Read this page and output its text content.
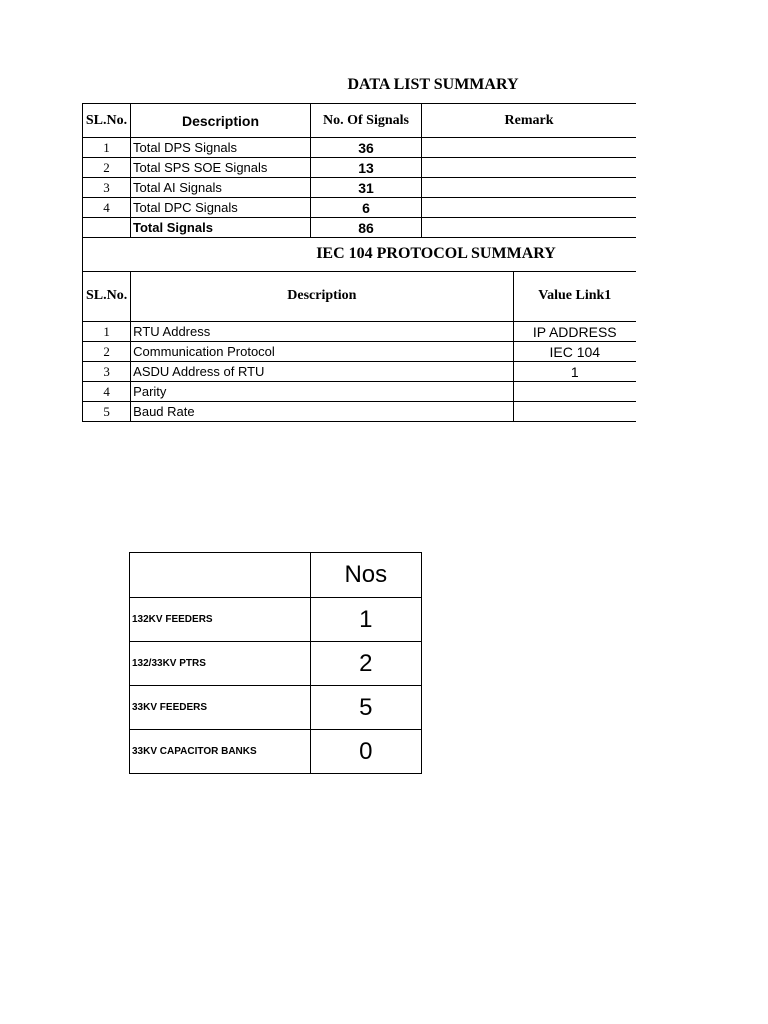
DATA LIST SUMMARY
SL.No.	Description	No. Of Signals	Remark
1	Total DPS Signals	36	
2	Total SPS SOE Signals	13	
3	Total AI Signals	31	
4	Total DPC Signals	6	
	Total Signals	86	
IEC 104 PROTOCOL SUMMARY
SL.No.	Description	Value Link1
1	RTU Address	IP ADDRESS
2	Communication Protocol	IEC 104
3	ASDU Address of RTU	1
4	Parity	
5	Baud Rate	
	Nos
132KV FEEDERS	1
132/33KV PTRS	2
33KV FEEDERS	5
33KV CAPACITOR BANKS	0
